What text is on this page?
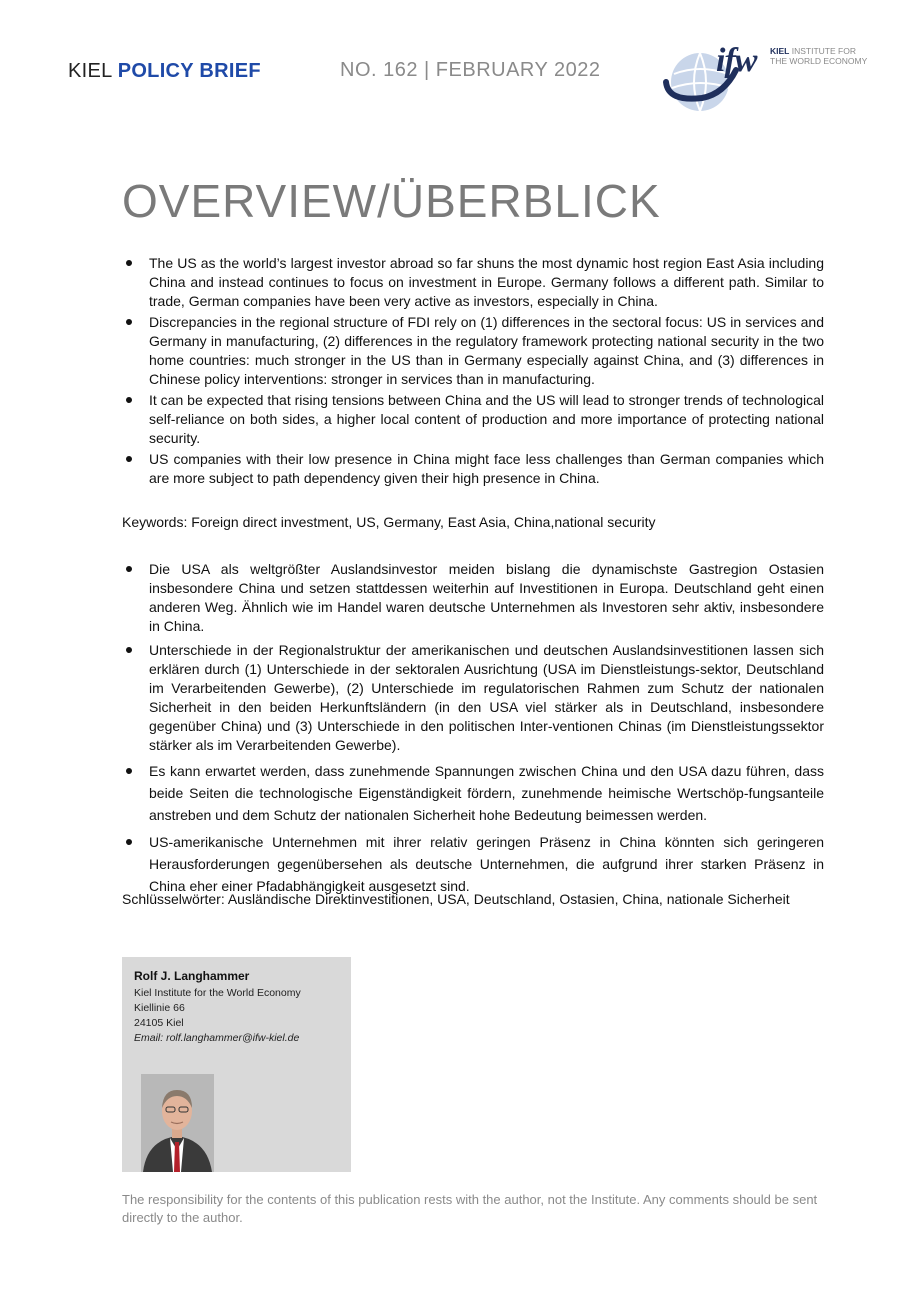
KIEL POLICY BRIEF	NO. 162 | FEBRUARY 2022	ifw KIEL INSTITUTE FOR
THE WORLD ECONOMY
OVERVIEW/ÜBERBLICK
The US as the world’s largest investor abroad so far shuns the most dynamic host region East Asia including China and instead continues to focus on investment in Europe. Germany follows a different path. Similar to trade, German companies have been very active as investors, especially in China.
Discrepancies in the regional structure of FDI rely on (1) differences in the sectoral focus: US in services and Germany in manufacturing, (2) differences in the regulatory framework protecting national security in the two home countries: much stronger in the US than in Germany especially against China, and (3) differences in Chinese policy interventions: stronger in services than in manufacturing.
It can be expected that rising tensions between China and the US will lead to stronger trends of technological self-reliance on both sides, a higher local content of production and more importance of protecting national security.
US companies with their low presence in China might face less challenges than German companies which are more subject to path dependency given their high presence in China.
Keywords: Foreign direct investment, US, Germany, East Asia, China,national security
Die USA als weltgrößter Auslandsinvestor meiden bislang die dynamischste Gastregion Ostasien insbesondere China und setzen stattdessen weiterhin auf Investitionen in Europa. Deutschland geht einen anderen Weg. Ähnlich wie im Handel waren deutsche Unternehmen als Investoren sehr aktiv, insbesondere in China.
Unterschiede in der Regionalstruktur der amerikanischen und deutschen Auslandsinvestitionen lassen sich erklären durch (1) Unterschiede in der sektoralen Ausrichtung (USA im Dienstleistungs-sektor, Deutschland im Verarbeitenden Gewerbe), (2) Unterschiede im regulatorischen Rahmen zum Schutz der nationalen Sicherheit in den beiden Herkunftsländern (in den USA viel stärker als in Deutschland, insbesondere gegenüber China) und (3) Unterschiede in den politischen Inter-ventionen Chinas (im Dienstleistungssektor stärker als im Verarbeitenden Gewerbe).
Es kann erwartet werden, dass zunehmende Spannungen zwischen China und den USA dazu führen, dass beide Seiten die technologische Eigenständigkeit fördern, zunehmende heimische Wertschöp-fungsanteile anstreben und dem Schutz der nationalen Sicherheit hohe Bedeutung beimessen werden.
US-amerikanische Unternehmen mit ihrer relativ geringen Präsenz in China könnten sich geringeren Herausforderungen gegenübersehen als deutsche Unternehmen, die aufgrund ihrer starken Präsenz in China eher einer Pfadabhängigkeit ausgesetzt sind.
Schlüsselwörter: Ausländische Direktinvestitionen, USA, Deutschland, Ostasien, China, nationale Sicherheit
Rolf J. Langhammer
Kiel Institute for the World Economy
Kiellinie 66
24105 Kiel
Email: rolf.langhammer@ifw-kiel.de
The responsibility for the contents of this publication rests with the author, not the Institute. Any comments should be sent directly to the author.
